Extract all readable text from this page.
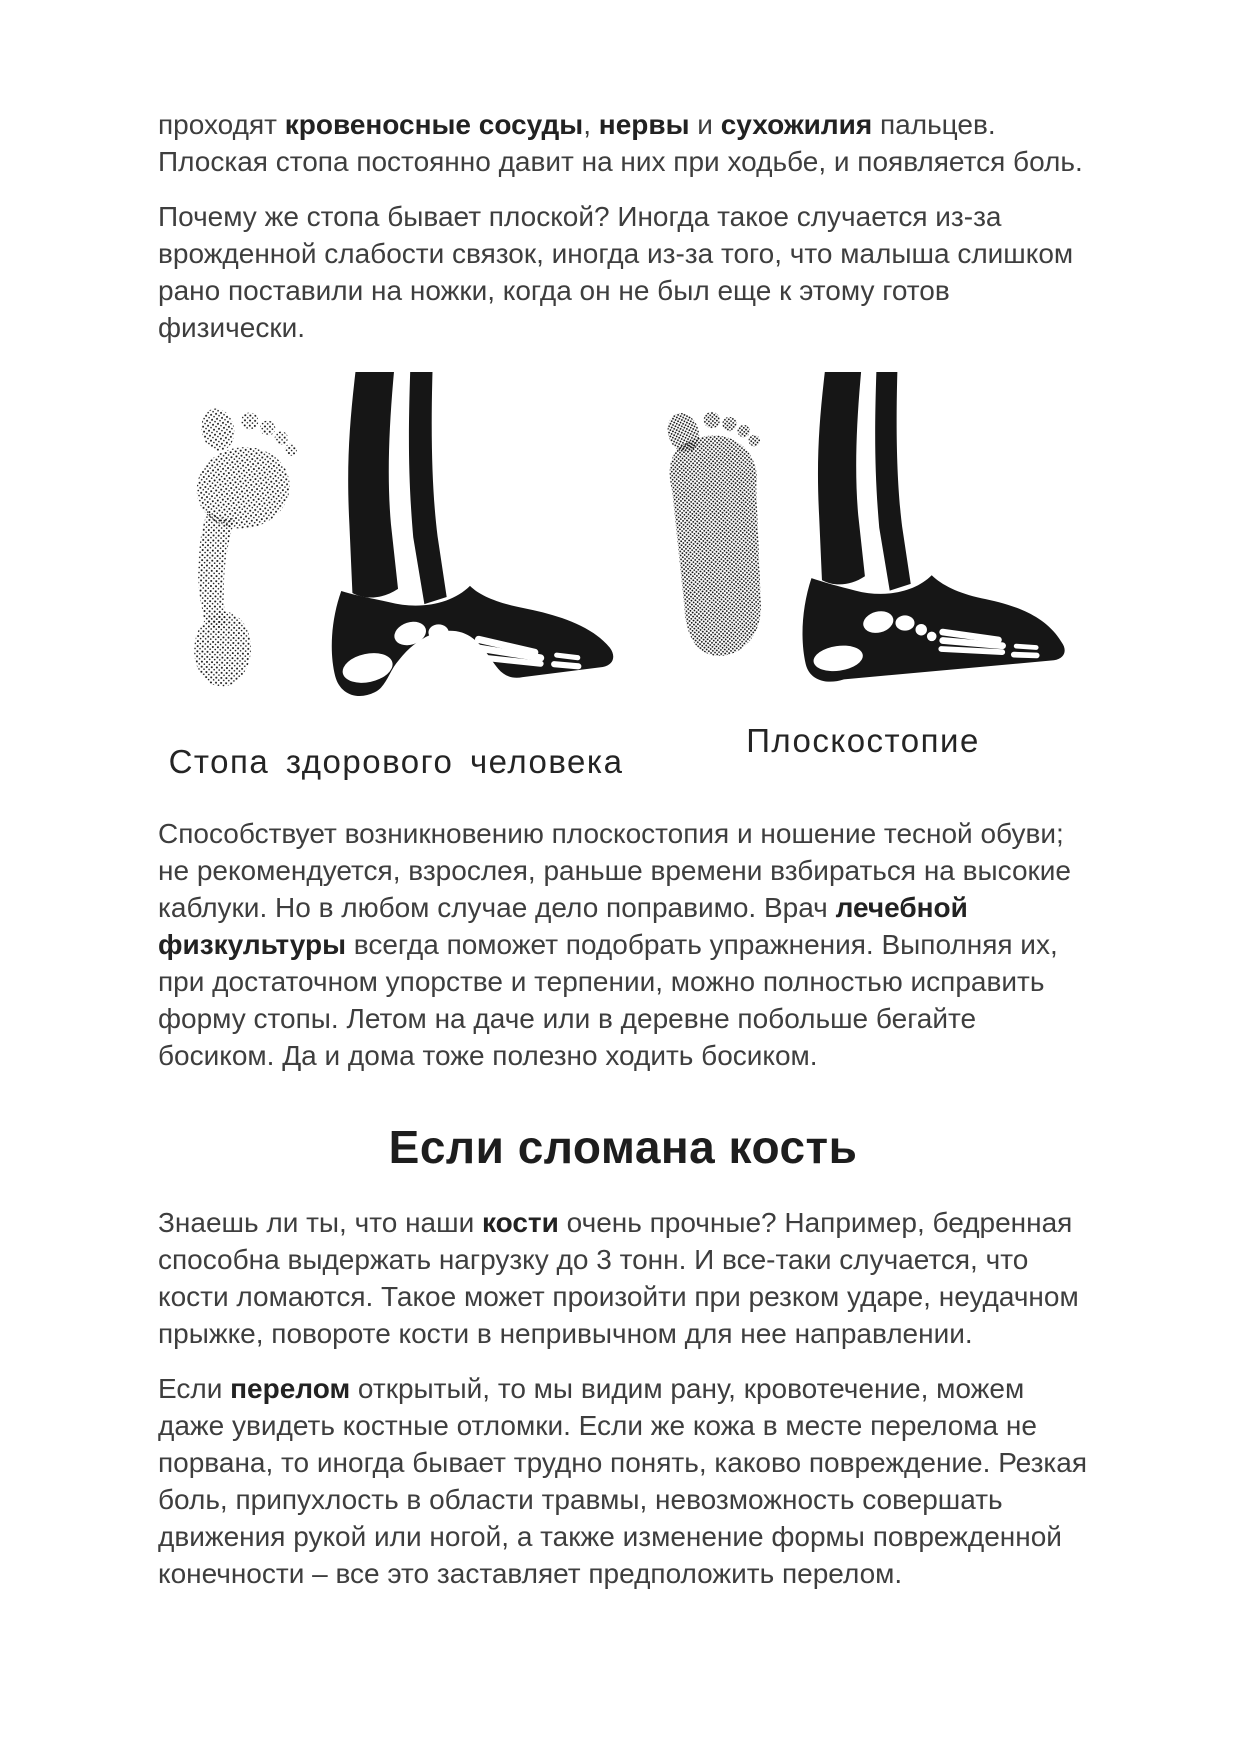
проходят кровеносные сосуды, нервы и сухожилия пальцев. Плоская стопа постоянно давит на них при ходьбе, и появляется боль.

Почему же стопа бывает плоской? Иногда такое случается из-за врожденной слабости связок, иногда из-за того, что малыша слишком рано поставили на ножки, когда он не был еще к этому готов физически.

Стопа здорового человека
Плоскостопие

Способствует возникновению плоскостопия и ношение тесной обуви; не рекомендуется, взрослея, раньше времени взбираться на высокие каблуки. Но в любом случае дело поправимо. Врач лечебной физкультуры всегда поможет подобрать упражнения. Выполняя их, при достаточном упорстве и терпении, можно полностью исправить форму стопы. Летом на даче или в деревне побольше бегайте босиком. Да и дома тоже полезно ходить босиком.

Если сломана кость

Знаешь ли ты, что наши кости очень прочные? Например, бедренная способна выдержать нагрузку до 3 тонн. И все-таки случается, что кости ломаются. Такое может произойти при резком ударе, неудачном прыжке, повороте кости в непривычном для нее направлении.

Если перелом открытый, то мы видим рану, кровотечение, можем даже увидеть костные отломки. Если же кожа в месте перелома не порвана, то иногда бывает трудно понять, каково повреждение. Резкая боль, припухлость в области травмы, невозможность совершать движения рукой или ногой, а также изменение формы поврежденной конечности – все это заставляет предположить перелом.
